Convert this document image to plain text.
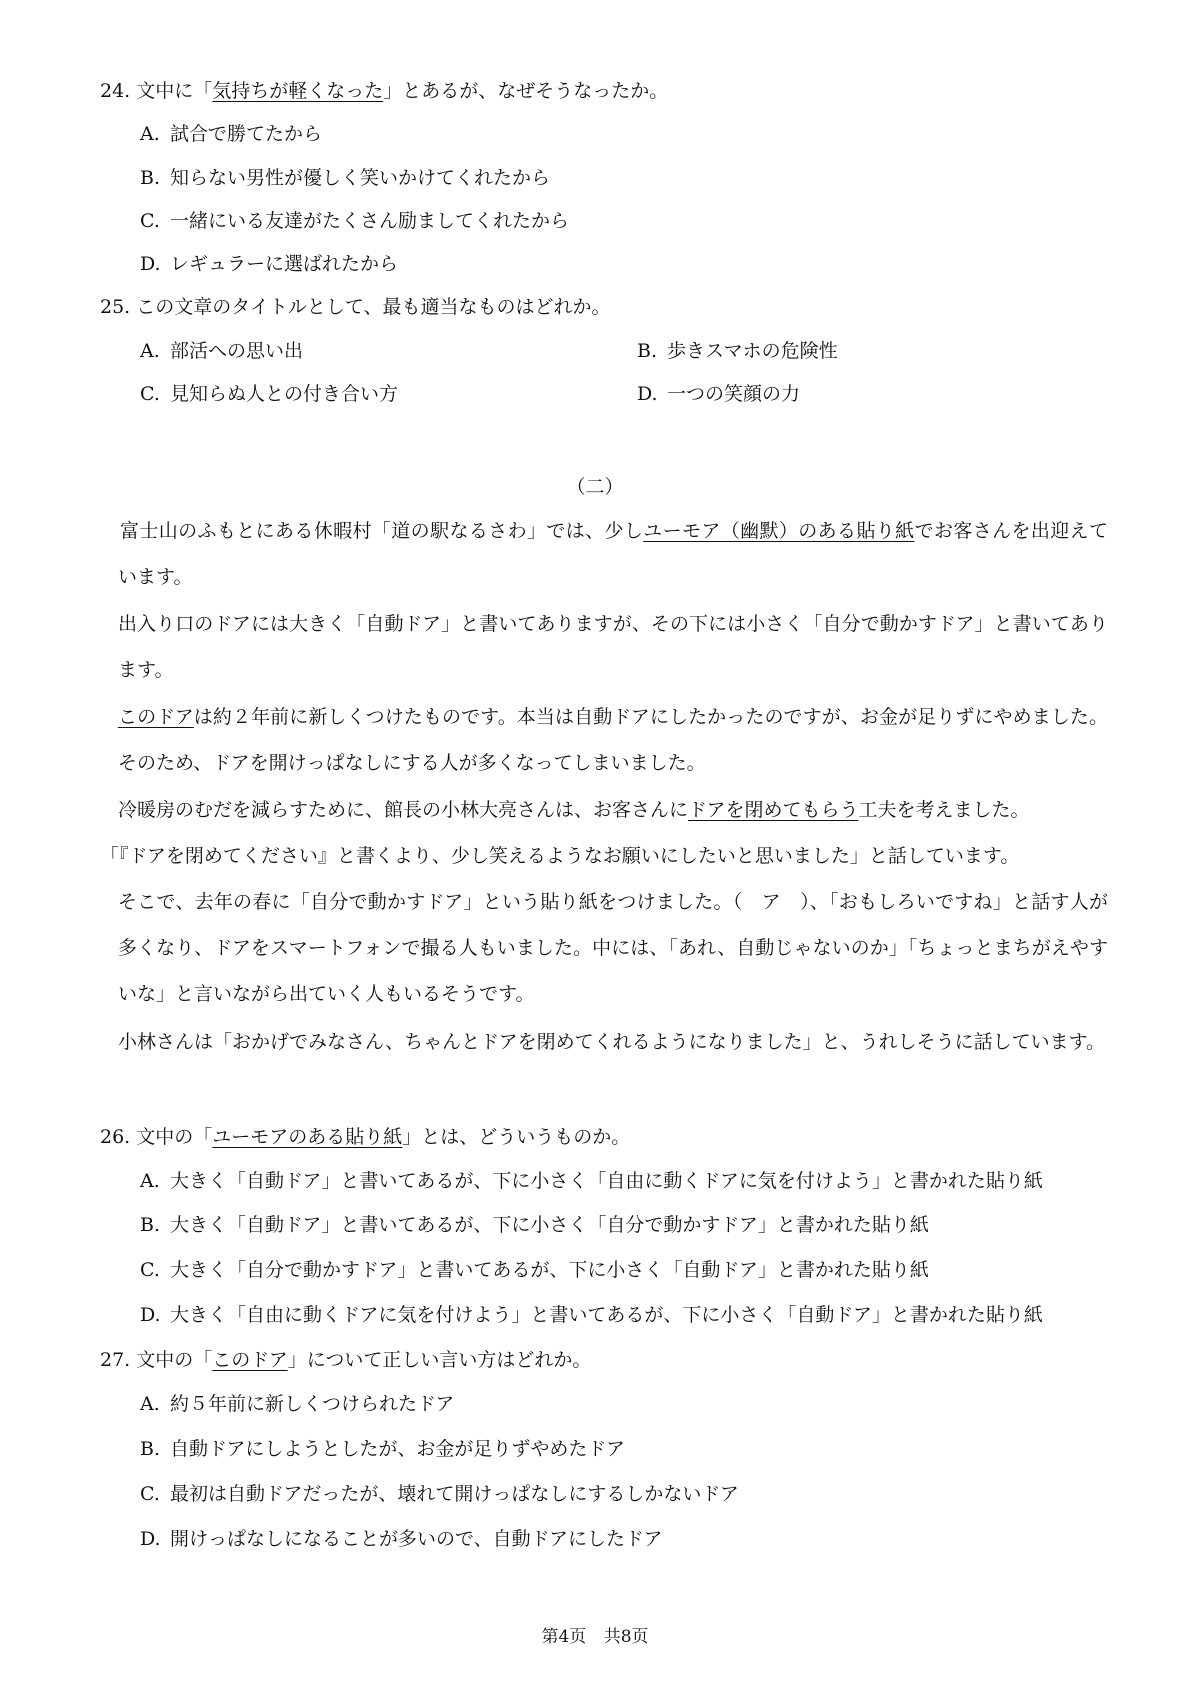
24. 文中に「気持ちが軽くなった」とあるが、なぜそうなったか。
A. 試合で勝てたから
B. 知らない男性が優しく笑いかけてくれたから
C. 一緒にいる友達がたくさん励ましてくれたから
D. レギュラーに選ばれたから
25. この文章のタイトルとして、最も適当なものはどれか。
A. 部活への思い出	B. 歩きスマホの危険性
C. 見知らぬ人との付き合い方	D. 一つの笑顔の力
（二）
富士山のふもとにある休暇村「道の駅なるさわ」では、少しユーモア（幽默）のある貼り紙でお客さんを出迎えています。
出入り口のドアには大きく「自動ドア」と書いてありますが、その下には小さく「自分で動かすドア」と書いてあります。
このドアは約２年前に新しくつけたものです。本当は自動ドアにしたかったのですが、お金が足りずにやめました。そのため、ドアを開けっぱなしにする人が多くなってしまいました。
冷暖房のむだを減らすために、館長の小林大亮さんは、お客さんにドアを閉めてもらう工夫を考えました。
「『ドアを閉めてください』と書くより、少し笑えるようなお願いにしたいと思いました」と話しています。
そこで、去年の春に「自分で動かすドア」という貼り紙をつけました。（　ア　）、「おもしろいですね」と話す人が多くなり、ドアをスマートフォンで撮る人もいました。中には、「あれ、自動じゃないのか」「ちょっとまちがえやすいな」と言いながら出ていく人もいるそうです。
小林さんは「おかげでみなさん、ちゃんとドアを閉めてくれるようになりました」と、うれしそうに話しています。
26. 文中の「ユーモアのある貼り紙」とは、どういうものか。
A. 大きく「自動ドア」と書いてあるが、下に小さく「自由に動くドアに気を付けよう」と書かれた貼り紙
B. 大きく「自動ドア」と書いてあるが、下に小さく「自分で動かすドア」と書かれた貼り紙
C. 大きく「自分で動かすドア」と書いてあるが、下に小さく「自動ドア」と書かれた貼り紙
D. 大きく「自由に動くドアに気を付けよう」と書いてあるが、下に小さく「自動ドア」と書かれた貼り紙
27. 文中の「このドア」について正しい言い方はどれか。
A. 約５年前に新しくつけられたドア
B. 自動ドアにしようとしたが、お金が足りずやめたドア
C. 最初は自動ドアだったが、壊れて開けっぱなしにするしかないドア
D. 開けっぱなしになることが多いので、自動ドアにしたドア
第4页 共8页
